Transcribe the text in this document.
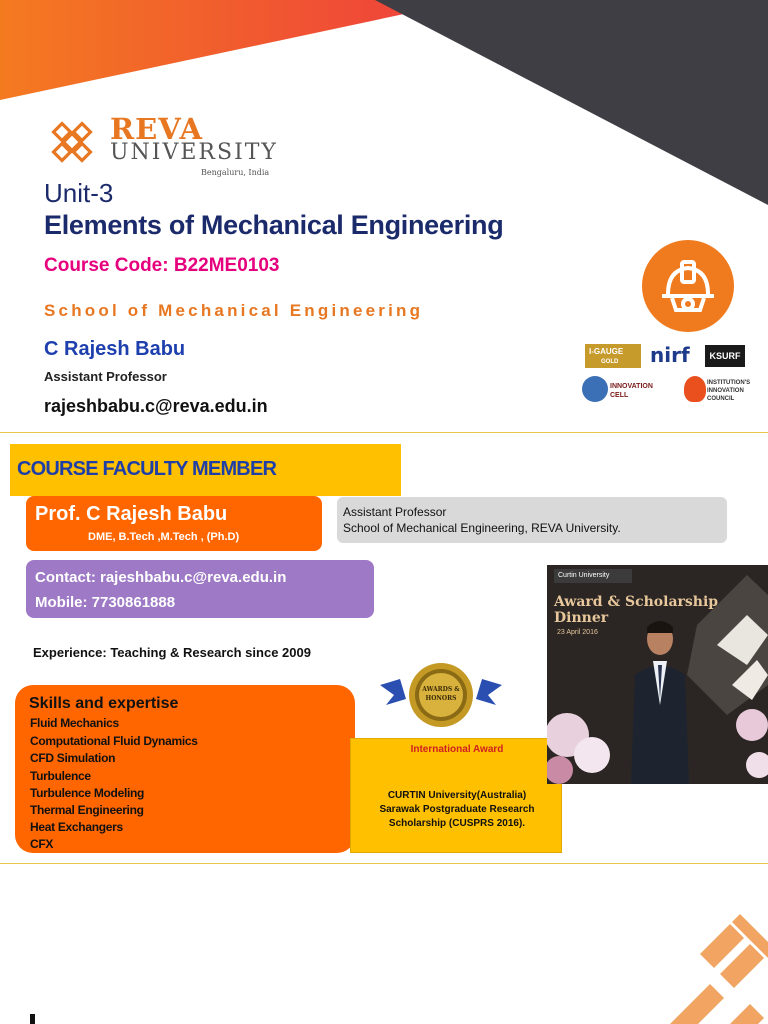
REVA
UNIVERSITY
Bengaluru, India
Unit-3
Elements of Mechanical Engineering
Course Code: B22ME0103
School of Mechanical Engineering
C Rajesh Babu
Assistant Professor
rajeshbabu.c@reva.edu.in
I-GAUGE
GOLD nirf	KSURF
INNOVATION CELL
INSTITUTION'S INNOVATION COUNCIL
COURSE FACULTY MEMBER
Prof. C Rajesh Babu
DME, B.Tech ,M.Tech , (Ph.D)
Assistant Professor
School of Mechanical Engineering, REVA University.
Contact: rajeshbabu.c@reva.edu.in
Mobile: 7730861888
Experience: Teaching & Research since 2009
Skills and expertise
Fluid Mechanics
Computational Fluid Dynamics
CFD Simulation
Turbulence
Turbulence Modeling
Thermal Engineering
Heat Exchangers
CFX
AWARDS & HONORS
International Award
CURTIN University(Australia)
Sarawak Postgraduate Research
Scholarship (CUSPRS 2016).
Curtin University
Award & Scholarship
Dinner
23 April 2016
